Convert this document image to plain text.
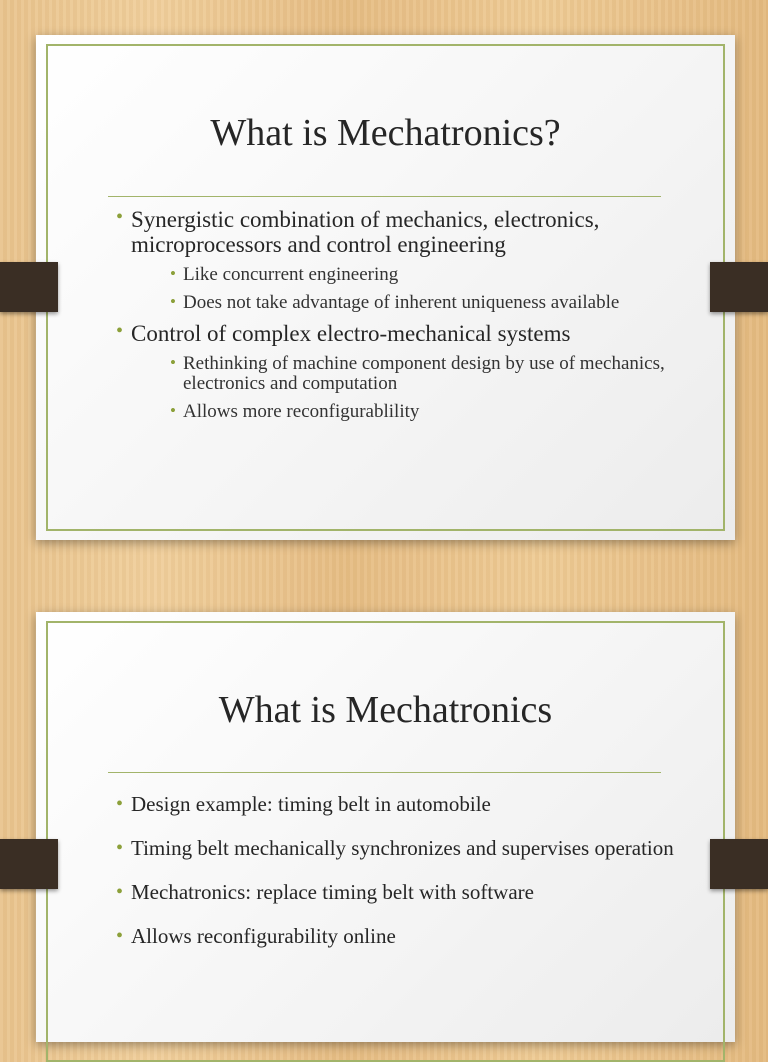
What is Mechatronics?
• Synergistic combination of mechanics, electronics, microprocessors and control engineering
• Like concurrent engineering
• Does not take advantage of inherent uniqueness available
• Control of complex electro-mechanical systems
• Rethinking of machine component design by use of mechanics, electronics and computation
• Allows more reconfigurablility
What is Mechatronics
• Design example: timing belt in automobile
• Timing belt mechanically synchronizes and supervises operation
• Mechatronics: replace timing belt with software
• Allows reconfigurability online
